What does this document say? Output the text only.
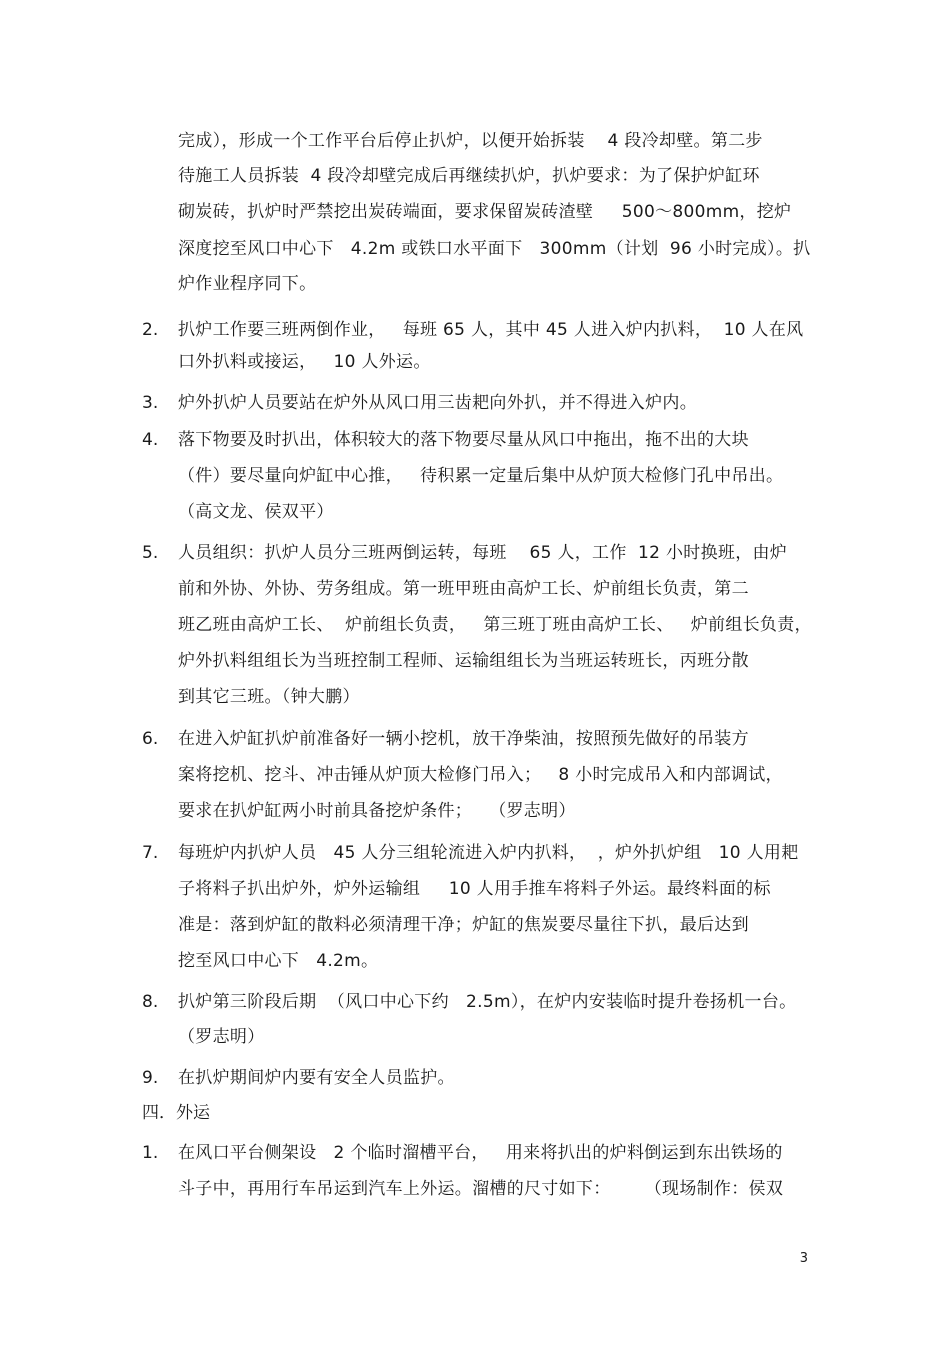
完成），形成一个工作平台后停止扒炉，以便开始拆装    4 段冷却壁。第二步
待施工人员拆装  4 段冷却壁完成后再继续扒炉，扒炉要求：为了保护炉缸环
砌炭砖，扒炉时严禁挖出炭砖端面，要求保留炭砖渣壁     500～800mm，挖炉
深度挖至风口中心下   4.2m 或铁口水平面下   300mm（计划  96 小时完成）。扒
炉作业程序同下。
2. 扒炉工作要三班两倒作业，   每班 65 人，其中 45 人进入炉内扒料，  10 人在风
口外扒料或接运，   10 人外运。
3. 炉外扒炉人员要站在炉外从风口用三齿耙向外扒，并不得进入炉内。
4. 落下物要及时扒出，体积较大的落下物要尽量从风口中拖出，拖不出的大块
（件）要尽量向炉缸中心推，   待积累一定量后集中从炉顶大检修门孔中吊出。
（高文龙、侯双平）
5. 人员组织：扒炉人员分三班两倒运转，每班    65 人，工作  12 小时换班，由炉
前和外协、外协、劳务组成。第一班甲班由高炉工长、炉前组长负责，第二
班乙班由高炉工长、  炉前组长负责，   第三班丁班由高炉工长、   炉前组长负责，
炉外扒料组组长为当班控制工程师、运输组组长为当班运转班长，丙班分散
到其它三班。（钟大鹏）
6. 在进入炉缸扒炉前准备好一辆小挖机，放干净柴油，按照预先做好的吊装方
案将挖机、挖斗、冲击锤从炉顶大检修门吊入；   8 小时完成吊入和内部调试，
要求在扒炉缸两小时前具备挖炉条件；   （罗志明）
7. 每班炉内扒炉人员   45 人分三组轮流进入炉内扒料，  ，炉外扒炉组   10 人用耙
子将料子扒出炉外，炉外运输组     10 人用手推车将料子外运。最终料面的标
准是：落到炉缸的散料必须清理干净；炉缸的焦炭要尽量往下扒，最后达到
挖至风口中心下   4.2m。
8. 扒炉第三阶段后期  （风口中心下约   2.5m），在炉内安装临时提升卷扬机一台。
（罗志明）
9. 在扒炉期间炉内要有安全人员监护。
四．外运
1. 在风口平台侧架设   2 个临时溜槽平台，   用来将扒出的炉料倒运到东出铁场的
斗子中，再用行车吊运到汽车上外运。溜槽的尺寸如下：      （现场制作：侯双
3
